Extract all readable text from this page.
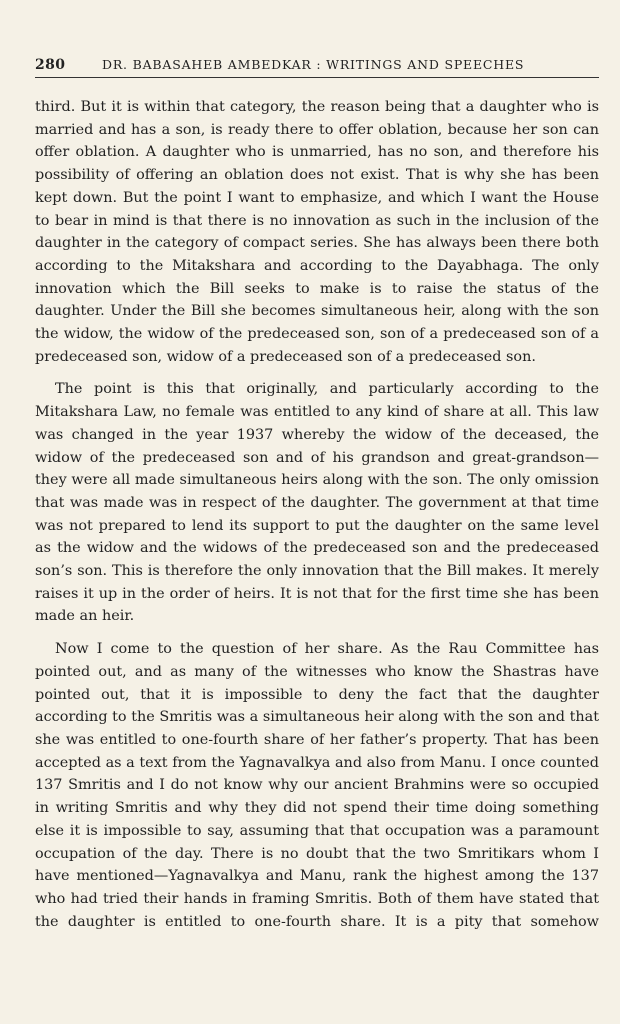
280	DR. BABASAHEB AMBEDKAR : WRITINGS AND SPEECHES

third. But it is within that category, the reason being that a daughter who is married and has a son, is ready there to offer oblation, because her son can offer oblation. A daughter who is unmarried, has no son, and therefore his possibility of offering an oblation does not exist. That is why she has been kept down. But the point I want to emphasize, and which I want the House to bear in mind is that there is no innovation as such in the inclusion of the daughter in the category of compact series. She has always been there both according to the Mitakshara and according to the Dayabhaga. The only innovation which the Bill seeks to make is to raise the status of the daughter. Under the Bill she becomes simultaneous heir, along with the son the widow, the widow of the predeceased son, son of a predeceased son of a predeceased son, widow of a predeceased son of a predeceased son.

The point is this that originally, and particularly according to the Mitakshara Law, no female was entitled to any kind of share at all. This law was changed in the year 1937 whereby the widow of the deceased, the widow of the predeceased son and of his grandson and great-grandson—they were all made simultaneous heirs along with the son. The only omission that was made was in respect of the daughter. The government at that time was not prepared to lend its support to put the daughter on the same level as the widow and the widows of the predeceased son and the predeceased son’s son. This is therefore the only innovation that the Bill makes. It merely raises it up in the order of heirs. It is not that for the first time she has been made an heir.

Now I come to the question of her share. As the Rau Committee has pointed out, and as many of the witnesses who know the Shastras have pointed out, that it is impossible to deny the fact that the daughter according to the Smritis was a simultaneous heir along with the son and that she was entitled to one-fourth share of her father’s property. That has been accepted as a text from the Yagnavalkya and also from Manu. I once counted 137 Smritis and I do not know why our ancient Brahmins were so occupied in writing Smritis and why they did not spend their time doing something else it is impossible to say, assuming that that occupation was a paramount occupation of the day. There is no doubt that the two Smritikars whom I have mentioned—Yagnavalkya and Manu, rank the highest among the 137 who had tried their hands in framing Smritis. Both of them have stated that the daughter is entitled to one-fourth share. It is a pity that somehow
